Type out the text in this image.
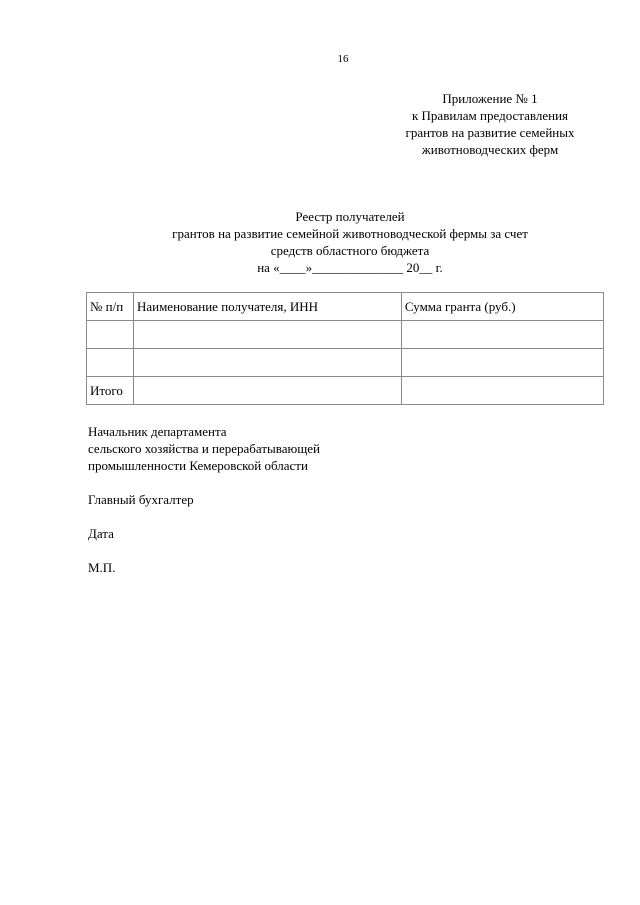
16
Приложение № 1
к Правилам предоставления
грантов на развитие семейных
животноводческих ферм
Реестр получателей
грантов на развитие семейной животноводческой фермы за счет
средств областного бюджета
на «____»______________ 20__ г.
№ п/п	Наименование получателя, ИНН	Сумма гранта (руб.)

Итого		
Начальник департамента
сельского хозяйства и перерабатывающей
промышленности Кемеровской области
Главный бухгалтер
Дата
М.П.
